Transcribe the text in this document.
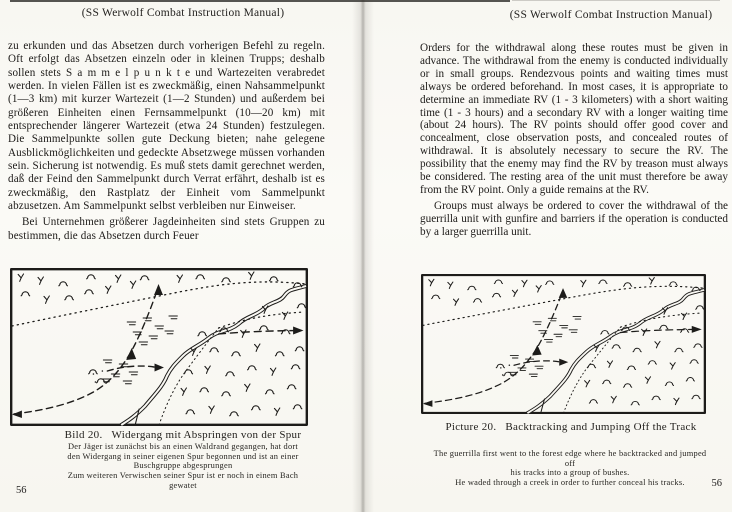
(SS Werwolf Combat Instruction Manual)

zu erkunden und das Absetzen durch vorherigen Befehl zu regeln. Oft erfolgt das Absetzen einzeln oder in kleinen Trupps; deshalb sollen stets S a m m e l p u n k t e und Wartezeiten verabredet werden. In vielen Fällen ist es zweckmäßig, einen Nahsammelpunkt (1—3 km) mit kurzer Wartezeit (1—2 Stunden) und außerdem bei größeren Einheiten einen Fernsammelpunkt (10—20 km) mit entsprechender längerer Wartezeit (etwa 24 Stunden) festzulegen. Die Sammelpunkte sollen gute Deckung bieten; nahe gelegene Ausblickmöglichkeiten und gedeckte Absetzwege müssen vorhanden sein. Sicherung ist notwendig. Es muß stets damit gerechnet werden, daß der Feind den Sammelpunkt durch Verrat erfährt, deshalb ist es zweckmäßig, den Rastplatz der Einheit vom Sammelpunkt abzusetzen. Am Sammelpunkt selbst verbleiben nur Einweiser.

Bei Unternehmen größerer Jagdeinheiten sind stets Gruppen zu bestimmen, die das Absetzen durch Feuer

Bild 20. Widergang mit Abspringen von der Spur
Der Jäger ist zunächst bis an einen Waldrand gegangen, hat dort
den Widergang in seiner eigenen Spur begonnen und ist an einer
Buschgruppe abgesprungen
Zum weiteren Verwischen seiner Spur ist er noch in einem Bach
gewatet
56
(SS Werwolf Combat Instruction Manual)

Orders for the withdrawal along these routes must be given in advance. The withdrawal from the enemy is conducted individually or in small groups. Rendezvous points and waiting times must always be ordered beforehand. In most cases, it is appropriate to determine an immediate RV (1 - 3 kilometers) with a short waiting time (1 - 3 hours) and a secondary RV with a longer waiting time (about 24 hours). The RV points should offer good cover and concealment, close observation posts, and concealed routes of withdrawal. It is absolutely necessary to secure the RV. The possibility that the enemy may find the RV by treason must always be considered. The resting area of the unit must therefore be away from the RV point. Only a guide remains at the RV.

Groups must always be ordered to cover the withdrawal of the guerrilla unit with gunfire and barriers if the operation is conducted by a larger guerrilla unit.

Picture 20. Backtracking and Jumping Off the Track
The guerrilla first went to the forest edge where he backtracked and jumped
off
his tracks into a group of bushes.
He waded through a creek in order to further conceal his tracks.	56
